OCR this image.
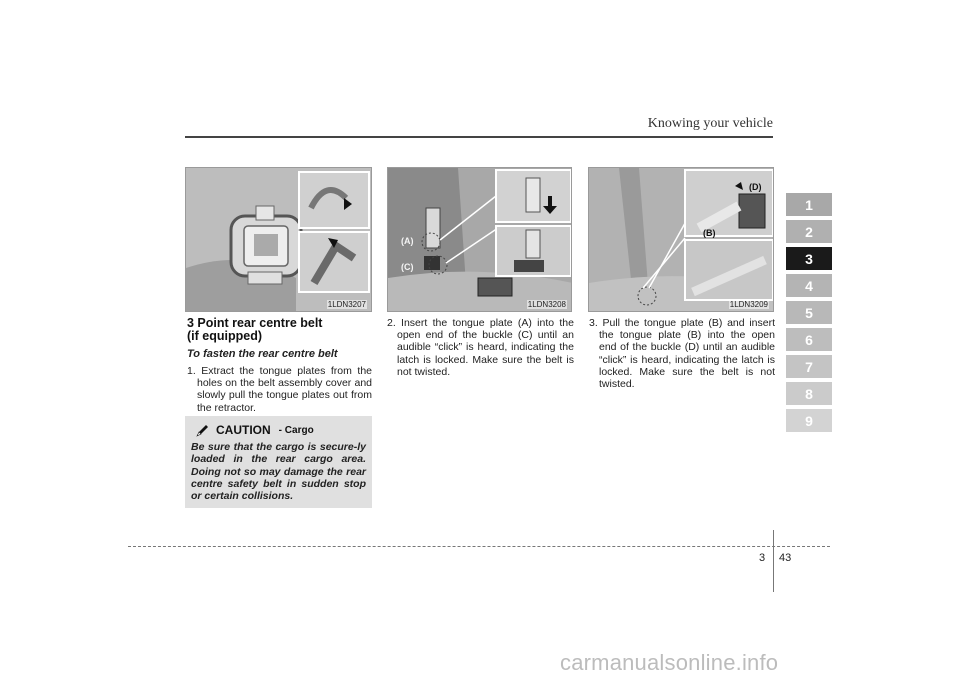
Knowing your vehicle
1LDN3207
(A)
(C)
1LDN3208
(D)
(B)
1LDN3209
3 Point rear centre belt
(if equipped)
To fasten the rear centre belt
1. Extract the tongue plates from the holes on the belt assembly cover and slowly pull the tongue plates out from the retractor.
2. Insert the tongue plate (A) into the open end of the buckle (C) until an audible “click” is heard, indicating the latch is locked. Make sure the belt is not twisted.
3. Pull the tongue plate (B) and insert the tongue plate (B) into the open end of the buckle (D) until an audible “click” is heard, indicating the latch is locked. Make sure the belt is not twisted.
CAUTION - Cargo
Be sure that the cargo is secure-ly loaded in the rear cargo area. Doing not so may damage the rear centre safety belt in sudden stop or certain collisions.
1
2
3
4
5
6
7
8
9
3 43
carmanualsonline.info
